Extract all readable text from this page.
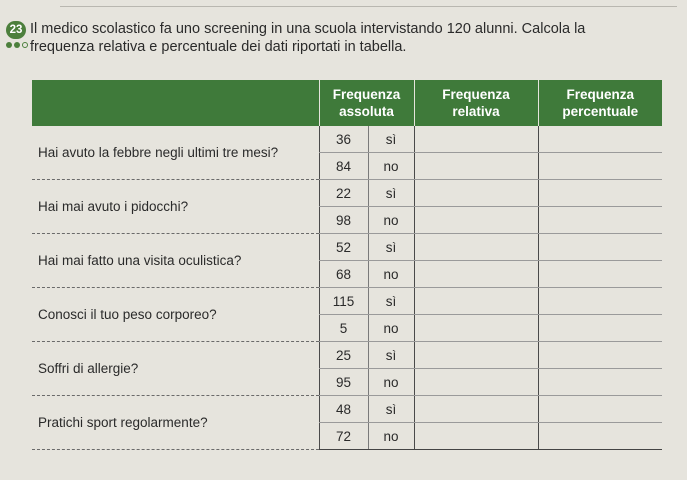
23 Il medico scolastico fa uno screening in una scuola intervistando 120 alunni. Calcola la
frequenza relativa e percentuale dei dati riportati in tabella.
	Frequenza assoluta		Frequenza relativa	Frequenza percentuale
Hai avuto la febbre negli ultimi tre mesi?	36	sì		
	84	no		
Hai mai avuto i pidocchi?	22	sì		
	98	no		
Hai mai fatto una visita oculistica?	52	sì		
	68	no		
Conosci il tuo peso corporeo?	115	sì		
	5	no		
Soffri di allergie?	25	sì		
	95	no		
Pratichi sport regolarmente?	48	sì		
	72	no		
